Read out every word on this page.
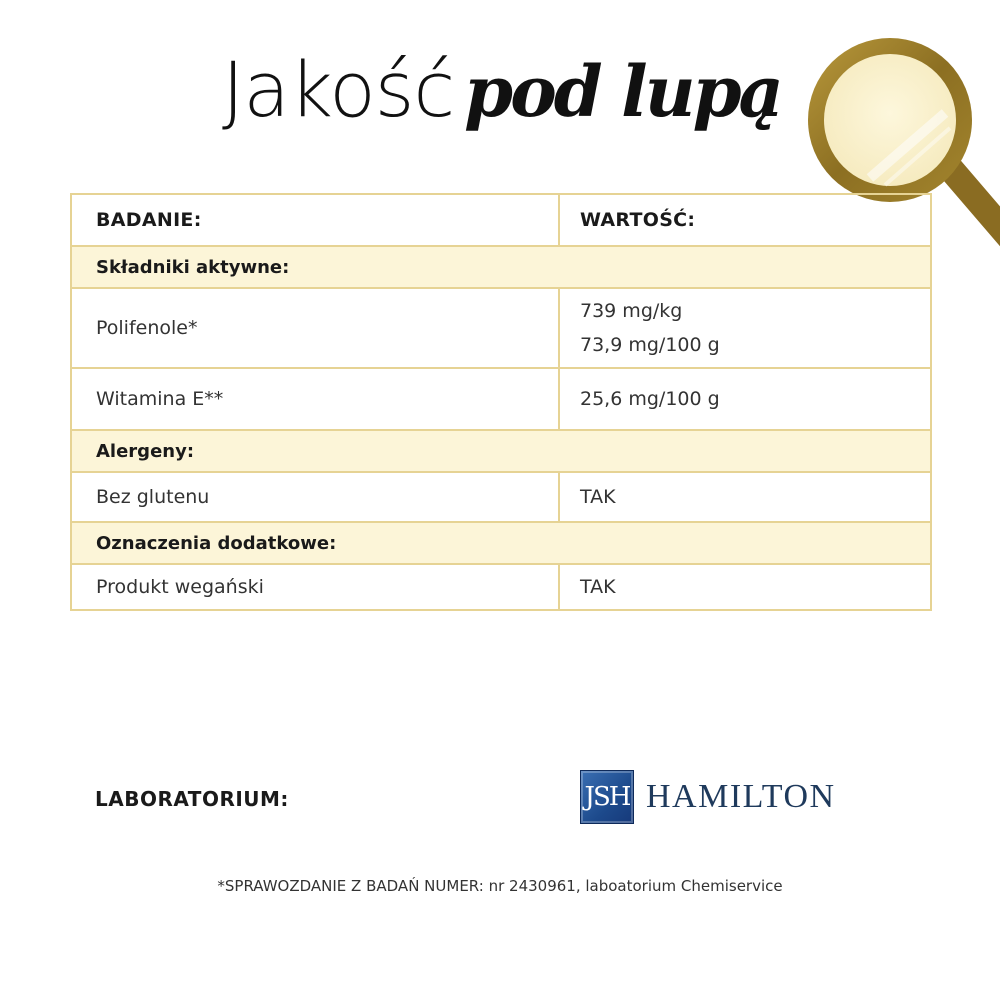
Jakość pod lupą
BADANIE:	WARTOŚĆ:
Składniki aktywne:	
Polifenole*	739 mg/kg
73,9 mg/100 g

Witamina E**	25,6 mg/100 g
Alergeny:	
Bez glutenu	TAK
Oznaczenia dodatkowe:	
Produkt wegański	TAK
LABORATORIUM:	JSH HAMILTON
*SPRAWOZDANIE Z BADAŃ NUMER: nr 2430961, laboatorium Chemiservice
